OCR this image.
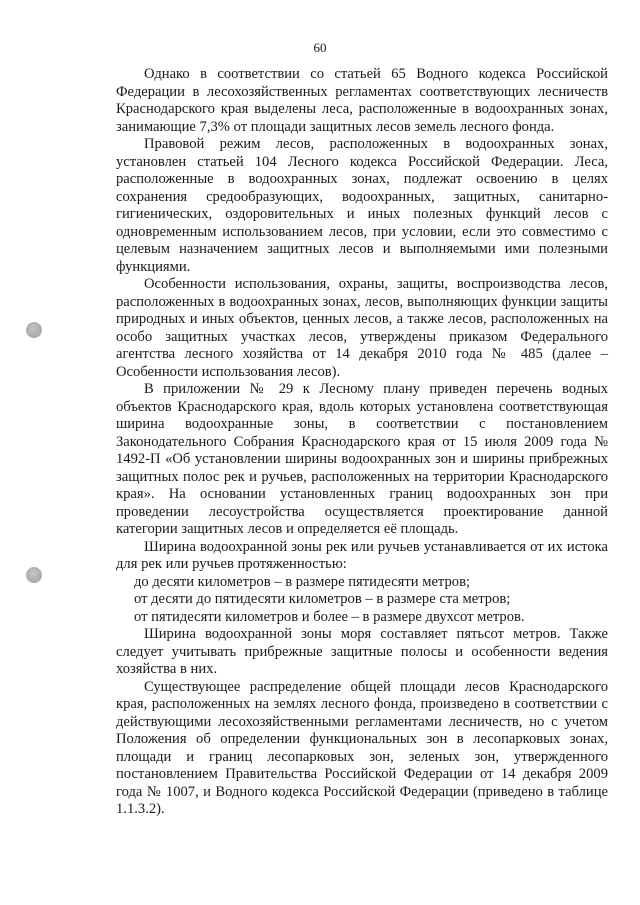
60

Однако в соответствии со статьей 65 Водного кодекса Российской Федерации в лесохозяйственных регламентах соответствующих лесничеств Краснодарского края выделены леса, расположенные в водоохранных зонах, занимающие 7,3% от площади защитных лесов земель лесного фонда.

Правовой режим лесов, расположенных в водоохранных зонах, установлен статьей 104 Лесного кодекса Российской Федерации. Леса, расположенные в водоохранных зонах, подлежат освоению в целях сохранения средообразующих, водоохранных, защитных, санитарно-гигиенических, оздоровительных и иных полезных функций лесов с одновременным использованием лесов, при условии, если это совместимо с целевым назначением защитных лесов и выполняемыми ими полезными функциями.

Особенности использования, охраны, защиты, воспроизводства лесов, расположенных в водоохранных зонах, лесов, выполняющих функции защиты природных и иных объектов, ценных лесов, а также лесов, расположенных на особо защитных участках лесов, утверждены приказом Федерального агентства лесного хозяйства от 14 декабря 2010 года № 485 (далее – Особенности использования лесов).

В приложении № 29 к Лесному плану приведен перечень водных объектов Краснодарского края, вдоль которых установлена соответствующая ширина водоохранные зоны, в соответствии с постановлением Законодательного Собрания Краснодарского края от 15 июля 2009 года № 1492-П «Об установлении ширины водоохранных зон и ширины прибрежных защитных полос рек и ручьев, расположенных на территории Краснодарского края». На основании установленных границ водоохранных зон при проведении лесоустройства осуществляется проектирование данной категории защитных лесов и определяется её площадь.

Ширина водоохранной зоны рек или ручьев устанавливается от их истока для рек или ручьев протяженностью:

до десяти километров – в размере пятидесяти метров;

от десяти до пятидесяти километров – в размере ста метров;

от пятидесяти километров и более – в размере двухсот метров.

Ширина водоохранной зоны моря составляет пятьсот метров. Также следует учитывать прибрежные защитные полосы и особенности ведения хозяйства в них.

Существующее распределение общей площади лесов Краснодарского края, расположенных на землях лесного фонда, произведено в соответствии с действующими лесохозяйственными регламентами лесничеств, но с учетом Положения об определении функциональных зон в лесопарковых зонах, площади и границ лесопарковых зон, зеленых зон, утвержденного постановлением Правительства Российской Федерации от 14 декабря 2009 года № 1007, и Водного кодекса Российской Федерации (приведено в таблице 1.1.3.2).
